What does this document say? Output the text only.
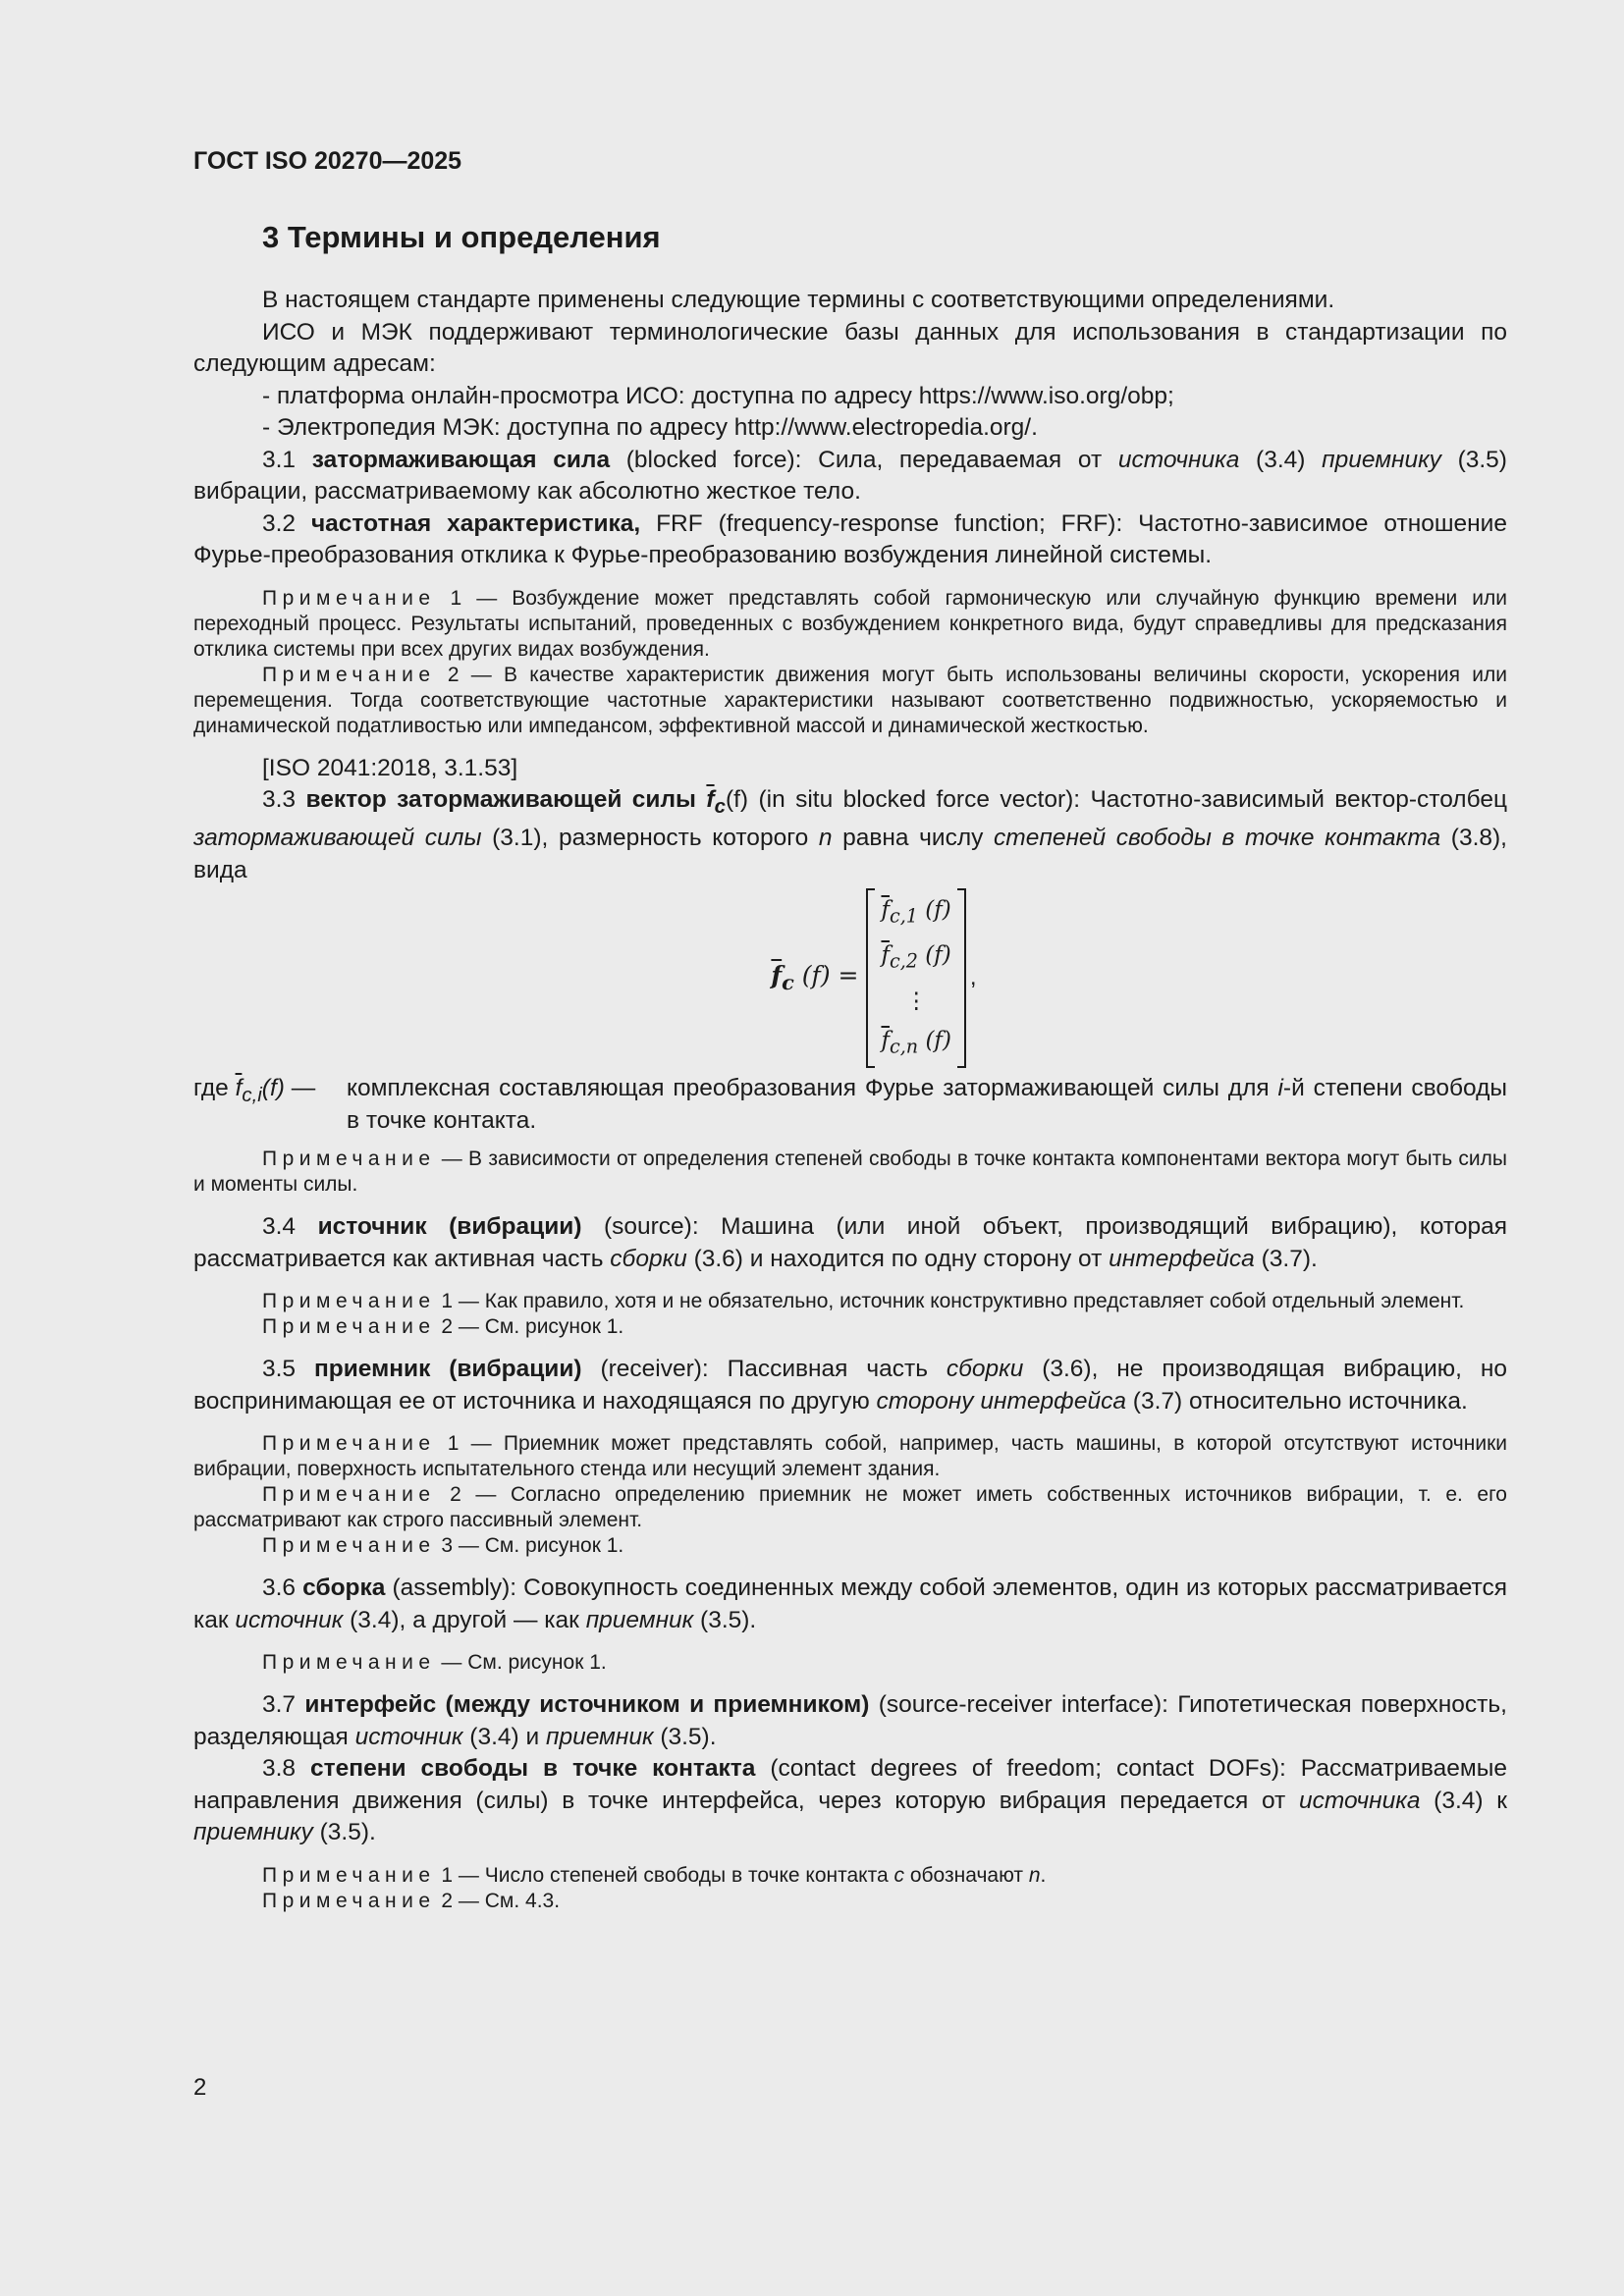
ГОСТ ISO 20270—2025
3 Термины и определения

В настоящем стандарте применены следующие термины с соответствующими определениями.

ИСО и МЭК поддерживают терминологические базы данных для использования в стандартизации по следующим адресам:

- платформа онлайн-просмотра ИСО: доступна по адресу https://www.iso.org/obp;

- Электропедия МЭК: доступна по адресу http://www.electropedia.org/.

3.1 затормаживающая сила (blocked force): Сила, передаваемая от источника (3.4) приемнику (3.5) вибрации, рассматриваемому как абсолютно жесткое тело.

3.2 частотная характеристика, FRF (frequency-response function; FRF): Частотно-зависимое отношение Фурье-преобразования отклика к Фурье-преобразованию возбуждения линейной системы.

Примечание 1 — Возбуждение может представлять собой гармоническую или случайную функцию времени или переходный процесс. Результаты испытаний, проведенных с возбуждением конкретного вида, будут справедливы для предсказания отклика системы при всех других видах возбуждения.

Примечание 2 — В качестве характеристик движения могут быть использованы величины скорости, ускорения или перемещения. Тогда соответствующие частотные характеристики называют соответственно подвижностью, ускоряемостью и динамической податливостью или импедансом, эффективной массой и динамической жесткостью.

[ISO 2041:2018, 3.1.53]

3.3 вектор затормаживающей силы $\overline{f}_c(f)$ (in situ blocked force vector): Частотно-зависимый вектор-столбец затормаживающей силы (3.1), размерность которого n равна числу степеней свободы в точке контакта (3.8), вида

$\overline{f}_c$ (f) =
$\overline{f}_{c,1}$ (f)
$\overline{f}_{c,2}$ (f)
⋮
$\overline{f}_{c,n}$ (f)
,
где $\overline{f}_{c,i}(f)$ —	комплексная составляющая преобразования Фурье затормаживающей силы для i-й степени свободы в точке контакта.

Примечание — В зависимости от определения степеней свободы в точке контакта компонентами вектора могут быть силы и моменты силы.

3.4 источник (вибрации) (source): Машина (или иной объект, производящий вибрацию), которая рассматривается как активная часть сборки (3.6) и находится по одну сторону от интерфейса (3.7).

Примечание 1 — Как правило, хотя и не обязательно, источник конструктивно представляет собой отдельный элемент.

Примечание 2 — См. рисунок 1.

3.5 приемник (вибрации) (receiver): Пассивная часть сборки (3.6), не производящая вибрацию, но воспринимающая ее от источника и находящаяся по другую сторону интерфейса (3.7) относительно источника.

Примечание 1 — Приемник может представлять собой, например, часть машины, в которой отсутствуют источники вибрации, поверхность испытательного стенда или несущий элемент здания.

Примечание 2 — Согласно определению приемник не может иметь собственных источников вибрации, т. е. его рассматривают как строго пассивный элемент.

Примечание 3 — См. рисунок 1.

3.6 сборка (assembly): Совокупность соединенных между собой элементов, один из которых рассматривается как источник (3.4), а другой — как приемник (3.5).

Примечание — См. рисунок 1.

3.7 интерфейс (между источником и приемником) (source-receiver interface): Гипотетическая поверхность, разделяющая источник (3.4) и приемник (3.5).

3.8 степени свободы в точке контакта (contact degrees of freedom; contact DOFs): Рассматриваемые направления движения (силы) в точке интерфейса, через которую вибрация передается от источника (3.4) к приемнику (3.5).

Примечание 1 — Число степеней свободы в точке контакта c обозначают n.

Примечание 2 — См. 4.3.

2
